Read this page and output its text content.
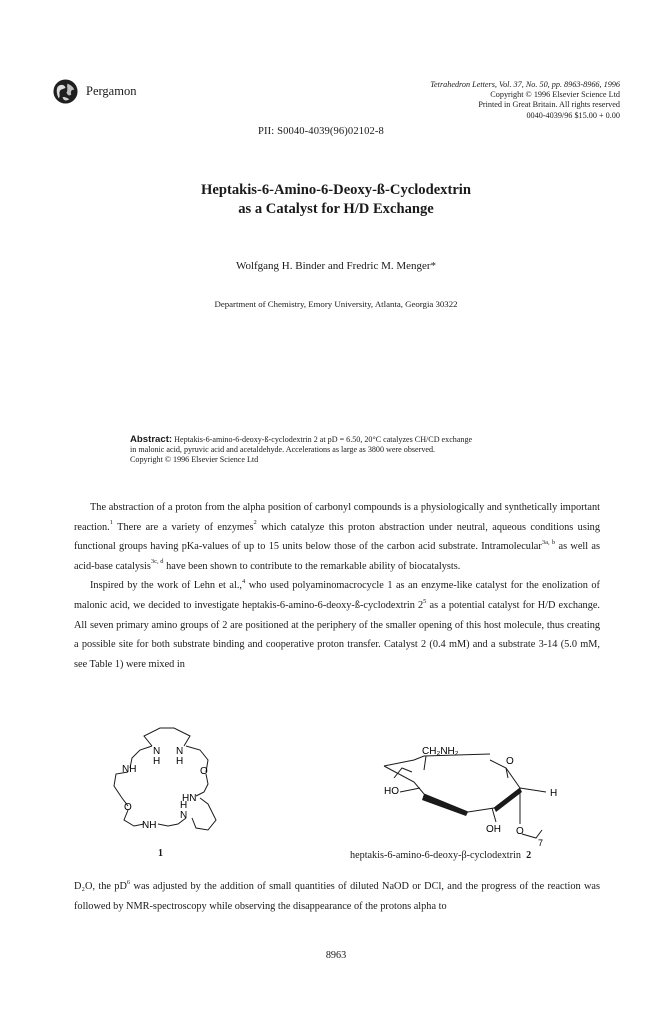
Pergamon	Tetrahedron Letters, Vol. 37, No. 50, pp. 8963-8966, 1996
Copyright © 1996 Elsevier Science Ltd
Printed in Great Britain. All rights reserved
0040-4039/96 $15.00 + 0.00
PII: S0040-4039(96)02102-8
Heptakis-6-Amino-6-Deoxy-ß-Cyclodextrin
as a Catalyst for H/D Exchange
Wolfgang H. Binder and Fredric M. Menger*
Department of Chemistry, Emory University, Atlanta, Georgia 30322
Abstract: Heptakis-6-amino-6-deoxy-ß-cyclodextrin 2 at pD = 6.50, 20°C catalyzes CH/CD exchange
in malonic acid, pyruvic acid and acetaldehyde. Accelerations as large as 3800 were observed.
Copyright © 1996 Elsevier Science Ltd

The abstraction of a proton from the alpha position of carbonyl compounds is a physiologically and synthetically important reaction.$^1$ There are a variety of enzymes$^2$ which catalyze this proton abstraction under neutral, aqueous conditions using functional groups having pKa-values of up to 15 units below those of the carbon acid substrate. Intramolecular$^{3a, b}$ as well as acid-base catalysis$^{3c, d}$ have been shown to contribute to the remarkable ability of biocatalysts.

Inspired by the work of Lehn et al.,$^4$ who used polyaminomacrocycle 1 as an enzyme-like catalyst for the enolization of malonic acid, we decided to investigate heptakis-6-amino-6-deoxy-ß-cyclodextrin $2^5$ as a potential catalyst for H/D exchange. All seven primary amino groups of 2 are positioned at the periphery of the smaller opening of this host molecule, thus creating a possible site for both substrate binding and cooperative proton transfer. Catalyst 2 (0.4 mM) and a substrate 3-14 (5.0 mM, see Table 1) were mixed in

N
H
N
H
NH	O
HN
O
NH
N
H
CH₂NH₂
O
HO	H
OH O
7
1	heptakis-6-amino-6-deoxy-β-cyclodextrin 2

D₂O, the $pD^6$ was adjusted by the addition of small quantities of diluted NaOD or DCl, and the progress of the reaction was followed by NMR-spectroscopy while observing the disappearance of the protons alpha to

8963
